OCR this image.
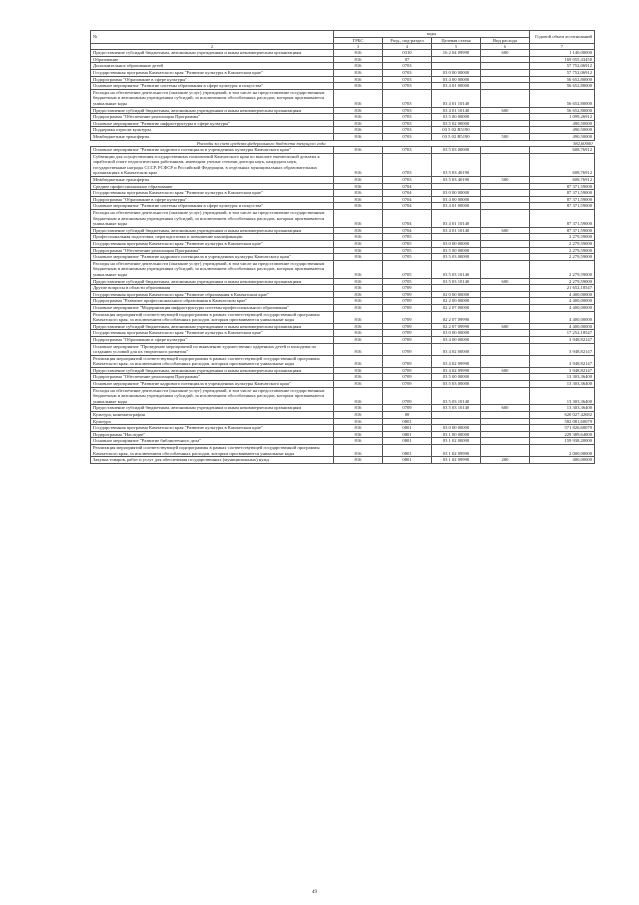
№	коды				Годовой объем ассигнований
	ГРБС	Разд., под-раздел	Целевая статья	Вид расхода	
2	3	4	5	6	7
Предоставление субсидий бюджетным, автономным учреждениям и иным некоммерческим организациям	816	0310	16 2 04 09990	600	1 140,00000
Образование	816	07			169 055,43450
Дополнительное образование детей	816	0703			57 752,06912
Государственная программа Камчатского края "Развитие культуры в Камчатском крае"	816	0703	03 0 00 00000		57 752,06912
Подпрограмма "Образование в сфере культуры"	816	0703	03 4 00 00000		56 652,80000
Основное мероприятие "Развитие системы образования в сфере культуры и искусства"	816	0703	03 4 01 00000		56 652,80000
Расходы на обеспечение деятельности (оказание услуг) учреждений, в том числе на предоставление государственным бюджетным и автономным учреждениям субсидий, за исключением обособленных расходов, которым присваиваются уникальные коды	816	0703	03 4 01 10140		56 652,80000
Предоставление субсидий бюджетным, автономным учреждениям и иным некоммерческим организациям	816	0703	03 4 01 10140	600	56 652,80000
Подпрограмма "Обеспечение реализации Программы"	816	0703	03 5 00 00000		1 099,26912
Основное мероприятие "Развитие инфраструктуры в сфере культуры"	816	0703	03 5 02 00000		490,50000
Поддержка отрасли культуры	816	0703	03 5 02 R5190		490,50000
Межбюджетные трансферты	816	0703	03 5 02 R5190	500	490,50000
Расходы за счет средств федерального бюджета текущего года					382,60000
Основное мероприятие "Развитие кадрового потенциала в учреждениях культуры Камчатского края"	816	0703	03 5 03 00000		608,76912
Субвенции для осуществления государственных полномочий Камчатского края по выплате ежемесячной доплаты к заработной плате педагогическим работникам, имеющим ученые степени доктора наук, кандидата наук, государственные награды СССР, РСФСР и Российской Федерации, в отдельных муниципальных образовательных организациях в Камчатском крае	816	0703	03 5 03 40190		608,76912
Межбюджетные трансферты	816	0703	03 5 03 40190	500	608,76912
Среднее профессиональное образование	816	0704			87 371,59000
Государственная программа Камчатского края "Развитие культуры в Камчатском крае"	816	0704	03 0 00 00000		87 371,59000
Подпрограмма "Образование в сфере культуры"	816	0704	03 4 00 00000		87 371,59000
Основное мероприятие "Развитие системы образования в сфере культуры и искусства"	816	0704	03 4 01 00000		87 371,59000
Расходы на обеспечение деятельности (оказание услуг) учреждений, в том числе на предоставление государственным бюджетным и автономным учреждениям субсидий, за исключением обособленных расходов, которым присваиваются уникальные коды	816	0704	03 4 01 10140		87 371,59000
Предоставление субсидий бюджетным, автономным учреждениям и иным некоммерческим организациям	816	0704	03 4 01 10140	600	87 371,59000
Профессиональная подготовка, переподготовка и повышение квалификации	816	0705			2 279,59000
Государственная программа Камчатского края "Развитие культуры в Камчатском крае"	816	0705	03 0 00 00000		2 279,59000
Подпрограмма "Обеспечение реализации Программы"	816	0705	03 5 00 00000		2 279,59000
Основное мероприятие "Развитие кадрового потенциала в учреждениях культуры Камчатского края"	816	0705	03 5 03 00000		2 279,59000
Расходы на обеспечение деятельности (оказание услуг) учреждений, в том числе на предоставление государственным бюджетным и автономным учреждениям субсидий, за исключением обособленных расходов, которым присваиваются уникальные коды	816	0705	03 5 03 10140		2 279,59000
Предоставление субсидий бюджетным, автономным учреждениям и иным некоммерческим организациям	816	0705	03 5 03 10140	600	2 279,59000
Другие вопросы в области образования	816	0709			21 652,18547
Государственная программа Камчатского края "Развитие образования в Камчатском крае"	816	0709	02 0 00 00000		4 400,00000
Подпрограмма "Развитие профессионального образования в Камчатском крае"	816	0709	02 2 00 00000		4 400,00000
Основное мероприятие "Модернизация инфраструктуры системы профессионального образования"	816	0709	02 2 07 00000		4 400,00000
Реализация мероприятий соответствующей подпрограммы в рамках соответствующей государственной программы Камчатского края, за исключением обособленных расходов, которым присваиваются уникальные коды	816	0709	02 2 07 09990		4 400,00000
Предоставление субсидий бюджетным, автономным учреждениям и иным некоммерческим организациям	816	0709	02 2 07 09990	600	4 400,00000
Государственная программа Камчатского края "Развитие культуры в Камчатском крае"	816	0709	03 0 00 00000		17 252,18547
Подпрограмма "Образование в сфере культуры"	816	0709	03 4 00 00000		3 948,82147
Основное мероприятие "Проведение мероприятий по выявлению художественно одаренных детей и молодежи по созданию условий для их творческого развития"	816	0709	03 4 02 00000		3 948,82147
Реализация мероприятий соответствующей подпрограммы в рамках соответствующей государственной программы Камчатского края, за исключением обособленных расходов, которым присваиваются уникальные коды	816	0709	03 4 02 09990		3 948,82147
Предоставление субсидий бюджетным, автономным учреждениям и иным некоммерческим организациям	816	0709	03 4 02 09990	600	3 948,82147
Подпрограмма "Обеспечение реализации Программы"	816	0709	03 5 00 00000		13 303,36400
Основное мероприятие "Развитие кадрового потенциала в учреждениях культуры Камчатского края"	816	0709	03 5 03 00000		13 303,36400
Расходы на обеспечение деятельности (оказание услуг) учреждений, в том числе на предоставление государственным бюджетным и автономным учреждениям субсидий, за исключением обособленных расходов, которым присваиваются уникальные коды	816	0709	03 5 03 10140		13 303,36400
Предоставление субсидий бюджетным, автономным учреждениям и иным некоммерческим организациям	816	0709	03 5 03 10140	600	13 303,36400
Культура, кинематография	816	08			620 027,42682
Культура	816	0801			582 081,60079
Государственная программа Камчатского края "Развитие культуры в Камчатском крае"	816	0801	03 0 00 00000		571 826,60079
Подпрограмма "Наследие"	816	0801	03 1 00 00000		229 389,64800
Основное мероприятие "Развитие библиотечного дела"	816	0801	03 1 02 00000		159 938,20000
Реализация мероприятий соответствующей подпрограммы в рамках соответствующей государственной программы Камчатского края, за исключением обособленных расходов, которым присваиваются уникальные коды	816	0801	03 1 02 09990		2 000,00000
Закупка товаров, работ и услуг для обеспечения государственных (муниципальных) нужд	816	0801	03 1 02 09990	200	400,00000
49
